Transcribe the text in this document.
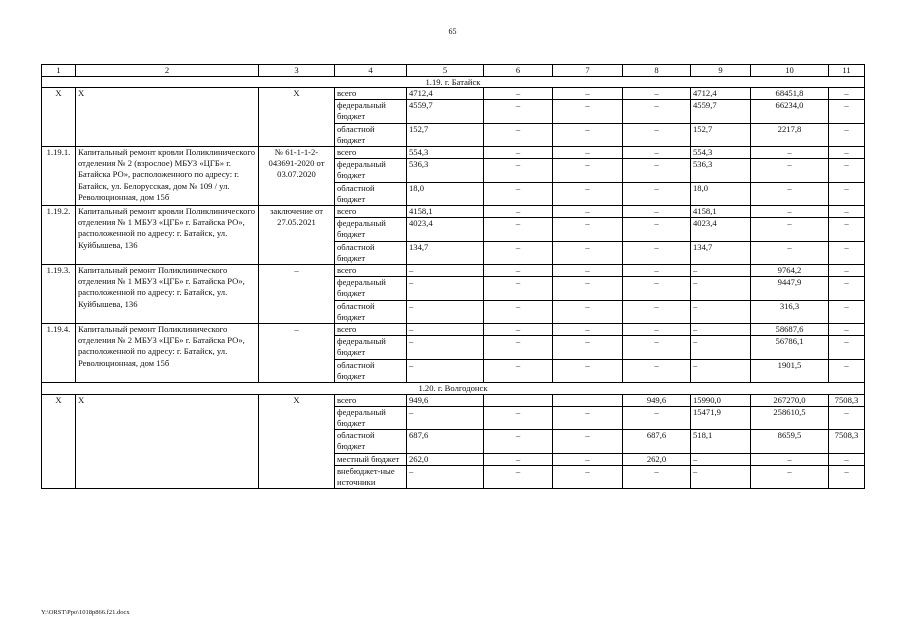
65
1	2	3	4	5	6	7	8	9	10	11
1.19. г. Батайск										
X	X	X	всего	4712,4	–	–	–	4712,4	68451,8	–
			федеральный бюджет	4559,7	–	–	–	4559,7	66234,0	–
			областной бюджет	152,7	–	–	–	152,7	2217,8	–
1.19.1.	Капитальный ремонт кровли Поликлинического отделения № 2 (взрослое) МБУЗ «ЦГБ» г. Батайска РО», расположенного по адресу: г. Батайск, ул. Белорусская, дом № 109 / ул. Революционная, дом 15б	№ 61-1-1-2-043691-2020 от 03.07.2020	всего	554,3	–	–	–	554,3	–	–
			федеральный бюджет	536,3	–	–	–	536,3	–	–
			областной бюджет	18,0	–	–	–	18,0	–	–
1.19.2.	Капитальный ремонт кровли Поликлинического отделения № 1 МБУЗ «ЦГБ» г. Батайска РО», расположенной по адресу: г. Батайск, ул. Куйбышева, 136	заключение от 27.05.2021	всего	4158,1	–	–	–	4158,1	–	–
			федеральный бюджет	4023,4	–	–	–	4023,4	–	–
			областной бюджет	134,7	–	–	–	134,7	–	–
1.19.3.	Капитальный ремонт Поликлинического отделения № 1 МБУЗ «ЦГБ» г. Батайска РО», расположенной по адресу: г. Батайск, ул. Куйбышева, 136	–	всего	–	–	–	–	–	9764,2	–
			федеральный бюджет	–	–	–	–	–	9447,9	–
			областной бюджет	–	–	–	–	–	316,3	–
1.19.4.	Капитальный ремонт Поликлинического отделения № 2 МБУЗ «ЦГБ» г. Батайска РО», расположенной по адресу: г. Батайск, ул. Революционная, дом 15б	–	всего	–	–	–	–	–	58687,6	–
			федеральный бюджет	–	–	–	–	–	56786,1	–
			областной бюджет	–	–	–	–	–	1901,5	–
1.20. г. Волгодонск										
X	X	X	всего	949,6			949,6	15990,0	267270,0	7508,3
			федеральный бюджет	–	–	–	–	15471,9	258610,5	–
			областной бюджет	687,6	–	–	687,6	518,1	8659,5	7508,3
			местный бюджет	262,0	–	–	262,0	–	–	–
			внебюджет-ные источники	–	–	–	–	–	–	–
Y:\ORST\Ppo\1018p866.f21.docx
